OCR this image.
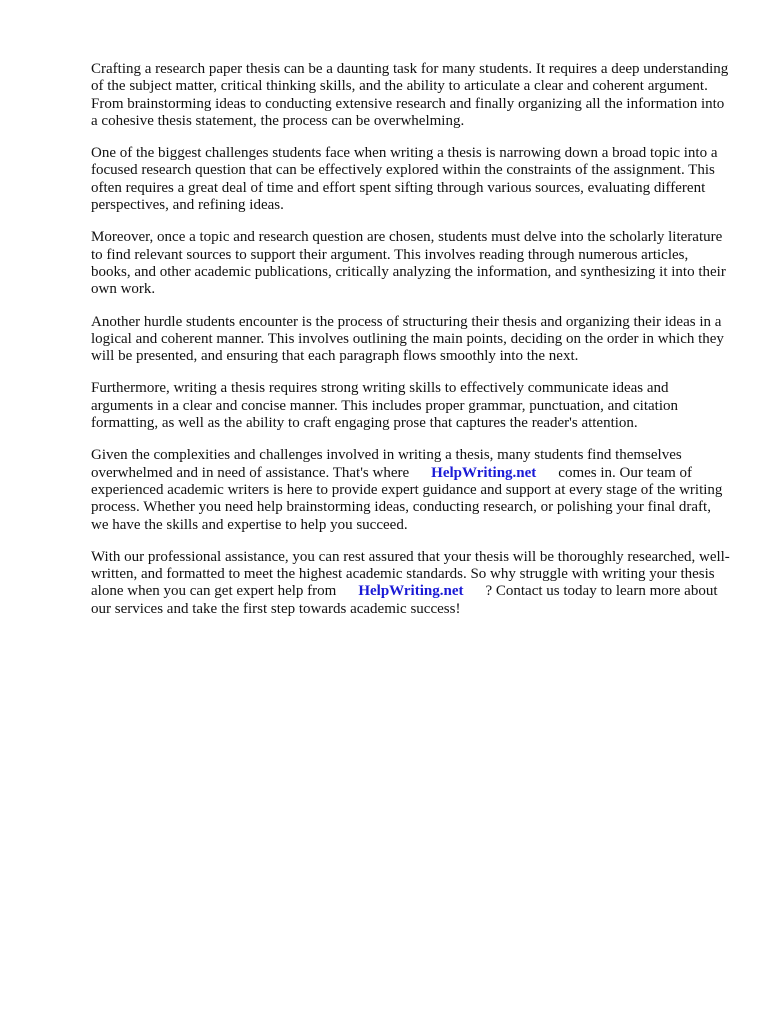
Crafting a research paper thesis can be a daunting task for many students. It requires a deep understanding of the subject matter, critical thinking skills, and the ability to articulate a clear and coherent argument. From brainstorming ideas to conducting extensive research and finally organizing all the information into a cohesive thesis statement, the process can be overwhelming.

One of the biggest challenges students face when writing a thesis is narrowing down a broad topic into a focused research question that can be effectively explored within the constraints of the assignment. This often requires a great deal of time and effort spent sifting through various sources, evaluating different perspectives, and refining ideas.

Moreover, once a topic and research question are chosen, students must delve into the scholarly literature to find relevant sources to support their argument. This involves reading through numerous articles, books, and other academic publications, critically analyzing the information, and synthesizing it into their own work.

Another hurdle students encounter is the process of structuring their thesis and organizing their ideas in a logical and coherent manner. This involves outlining the main points, deciding on the order in which they will be presented, and ensuring that each paragraph flows smoothly into the next.

Furthermore, writing a thesis requires strong writing skills to effectively communicate ideas and arguments in a clear and concise manner. This includes proper grammar, punctuation, and citation formatting, as well as the ability to craft engaging prose that captures the reader's attention.

Given the complexities and challenges involved in writing a thesis, many students find themselves overwhelmed and in need of assistance. That's where HelpWriting.net comes in. Our team of experienced academic writers is here to provide expert guidance and support at every stage of the writing process. Whether you need help brainstorming ideas, conducting research, or polishing your final draft, we have the skills and expertise to help you succeed.

With our professional assistance, you can rest assured that your thesis will be thoroughly researched, well-written, and formatted to meet the highest academic standards. So why struggle with writing your thesis alone when you can get expert help from HelpWriting.net ? Contact us today to learn more about our services and take the first step towards academic success!
